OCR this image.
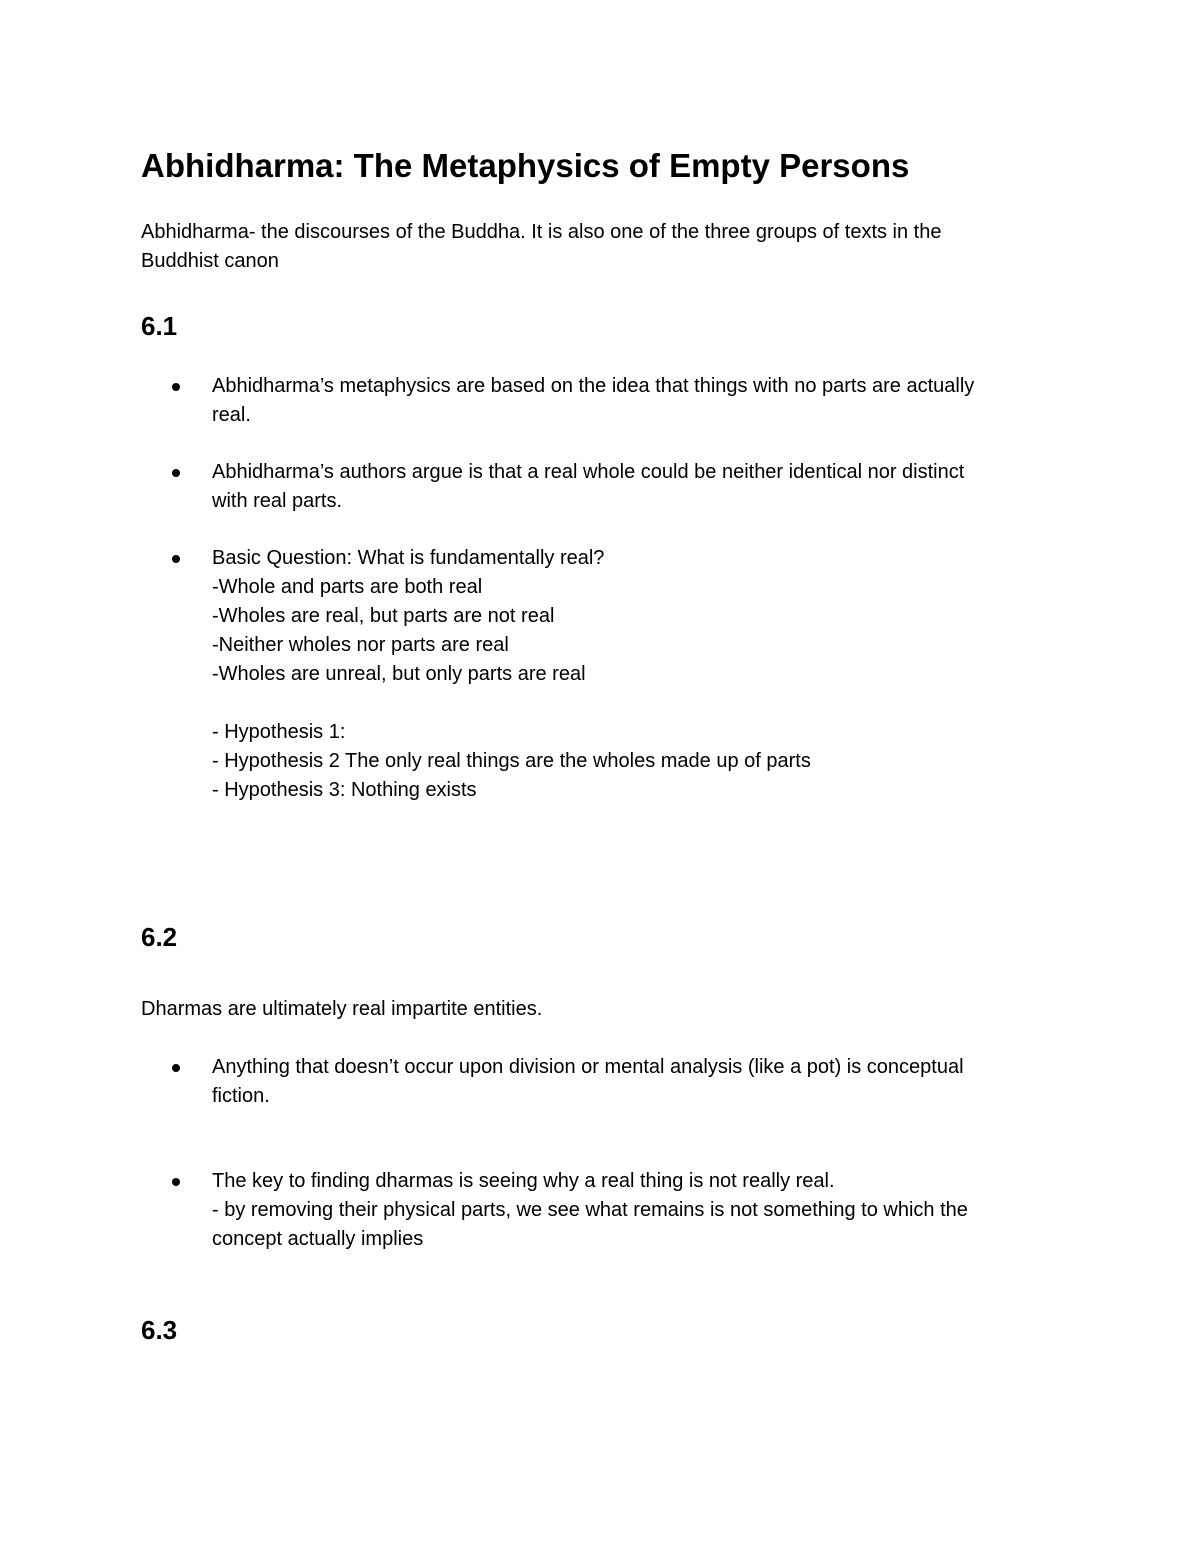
Abhidharma: The Metaphysics of Empty Persons

Abhidharma- the discourses of the Buddha. It is also one of the three groups of texts in the
Buddhist canon

6.1
Abhidharma’s metaphysics are based on the idea that things with no parts are actually
real.
Abhidharma’s authors argue is that a real whole could be neither identical nor distinct
with real parts.
Basic Question: What is fundamentally real?
-Whole and parts are both real
-Wholes are real, but parts are not real
-Neither wholes nor parts are real
-Wholes are unreal, but only parts are real
- Hypothesis 1:
- Hypothesis 2 The only real things are the wholes made up of parts
- Hypothesis 3: Nothing exists
6.2

Dharmas are ultimately real impartite entities.

Anything that doesn’t occur upon division or mental analysis (like a pot) is conceptual
fiction.
The key to finding dharmas is seeing why a real thing is not really real.
- by removing their physical parts, we see what remains is not something to which the
concept actually implies
6.3
